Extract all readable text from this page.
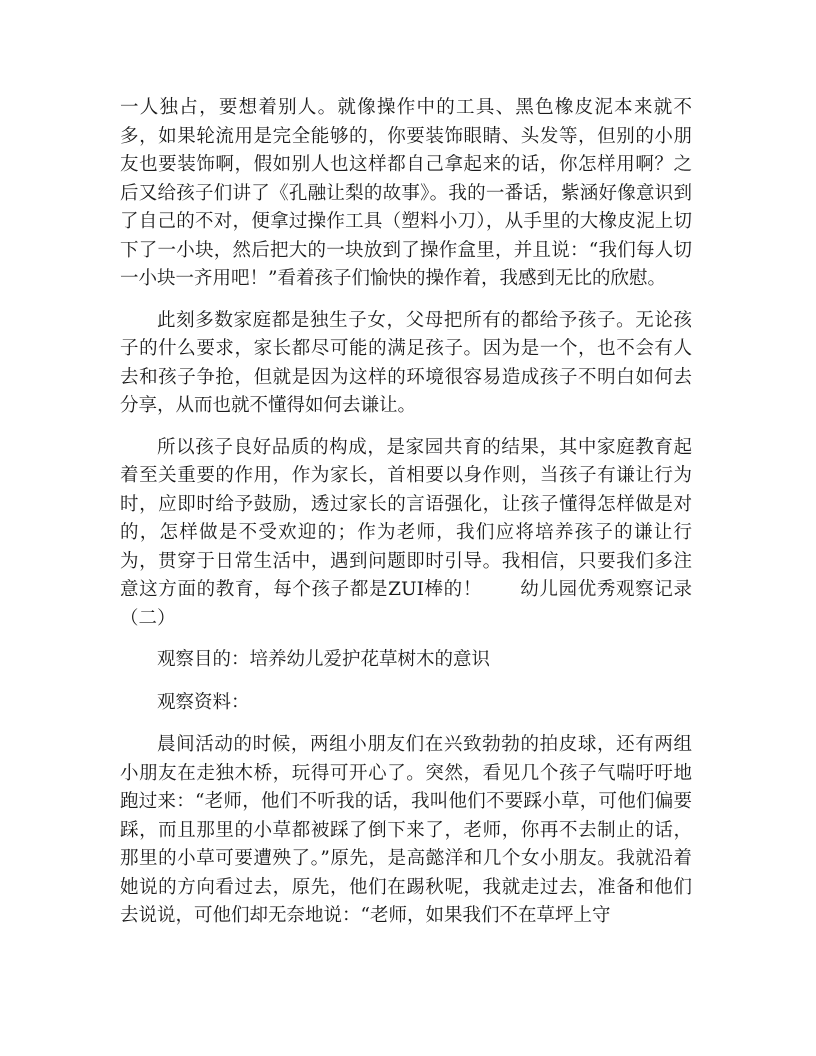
一人独占，要想着别人。就像操作中的工具、黑色橡皮泥本来就不多，如果轮流用是完全能够的，你要装饰眼睛、头发等，但别的小朋友也要装饰啊，假如别人也这样都自己拿起来的话，你怎样用啊？之后又给孩子们讲了《孔融让梨的故事》。我的一番话，紫涵好像意识到了自己的不对，便拿过操作工具（塑料小刀），从手里的大橡皮泥上切下了一小块，然后把大的一块放到了操作盒里，并且说：“我们每人切一小块一齐用吧！”看着孩子们愉快的操作着，我感到无比的欣慰。

此刻多数家庭都是独生子女，父母把所有的都给予孩子。无论孩子的什么要求，家长都尽可能的满足孩子。因为是一个，也不会有人去和孩子争抢，但就是因为这样的环境很容易造成孩子不明白如何去分享，从而也就不懂得如何去谦让。

所以孩子良好品质的构成，是家园共育的结果，其中家庭教育起着至关重要的作用，作为家长，首相要以身作则，当孩子有谦让行为时，应即时给予鼓励，透过家长的言语强化，让孩子懂得怎样做是对的，怎样做是不受欢迎的；作为老师，我们应将培养孩子的谦让行为，贯穿于日常生活中，遇到问题即时引导。我相信，只要我们多注意这方面的教育，每个孩子都是ZUI棒的！　　幼儿园优秀观察记录（二）

观察目的：培养幼儿爱护花草树木的意识

观察资料：

晨间活动的时候，两组小朋友们在兴致勃勃的拍皮球，还有两组小朋友在走独木桥，玩得可开心了。突然，看见几个孩子气喘吁吁地跑过来：“老师，他们不听我的话，我叫他们不要踩小草，可他们偏要踩，而且那里的小草都被踩了倒下来了，老师，你再不去制止的话，那里的小草可要遭殃了。”原先，是高懿洋和几个女小朋友。我就沿着她说的方向看过去，原先，他们在踢秋呢，我就走过去，准备和他们去说说，可他们却无奈地说：“老师，如果我们不在草坪上守
